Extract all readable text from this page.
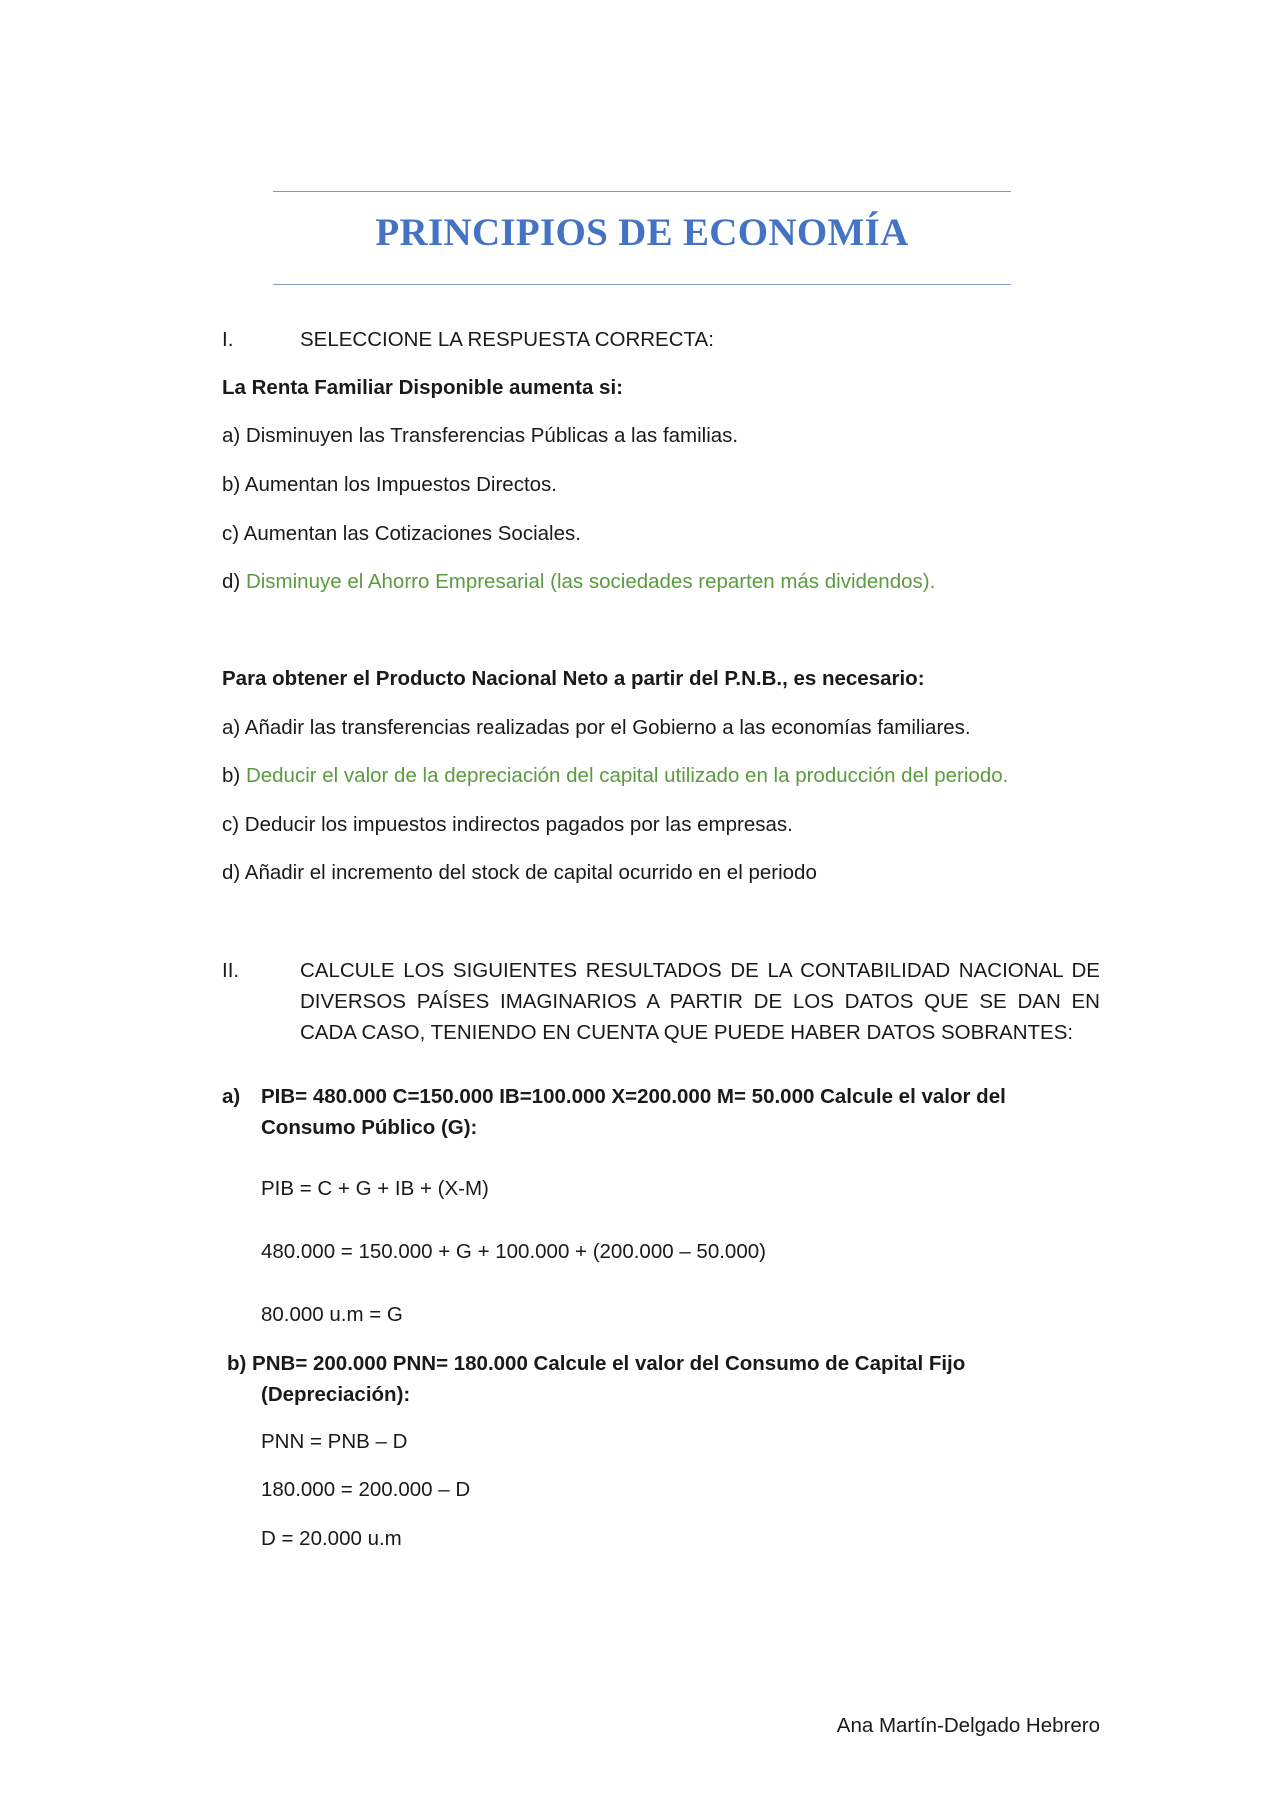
PRINCIPIOS DE ECONOMÍA
I.	SELECCIONE LA RESPUESTA CORRECTA:
La Renta Familiar Disponible aumenta si:
a) Disminuyen las Transferencias Públicas a las familias.
b) Aumentan los Impuestos Directos.
c) Aumentan las Cotizaciones Sociales.
d) Disminuye el Ahorro Empresarial (las sociedades reparten más dividendos).
Para obtener el Producto Nacional Neto a partir del P.N.B., es necesario:
a) Añadir las transferencias realizadas por el Gobierno a las economías familiares.
b) Deducir el valor de la depreciación del capital utilizado en la producción del periodo.
c) Deducir los impuestos indirectos pagados por las empresas.
d) Añadir el incremento del stock de capital ocurrido en el periodo
II.	CALCULE LOS SIGUIENTES RESULTADOS DE LA CONTABILIDAD NACIONAL DE DIVERSOS PAÍSES IMAGINARIOS A PARTIR DE LOS DATOS QUE SE DAN EN CADA CASO, TENIENDO EN CUENTA QUE PUEDE HABER DATOS SOBRANTES:
a) PIB= 480.000 C=150.000 IB=100.000 X=200.000 M= 50.000 Calcule el valor del
Consumo Público (G):
PIB = C + G + IB + (X-M)
480.000 = 150.000 + G + 100.000 + (200.000 – 50.000)
80.000 u.m = G
b) PNB= 200.000 PNN= 180.000 Calcule el valor del Consumo de Capital Fijo
(Depreciación):
PNN = PNB – D
180.000 = 200.000 – D
D = 20.000 u.m
Ana Martín-Delgado Hebrero
